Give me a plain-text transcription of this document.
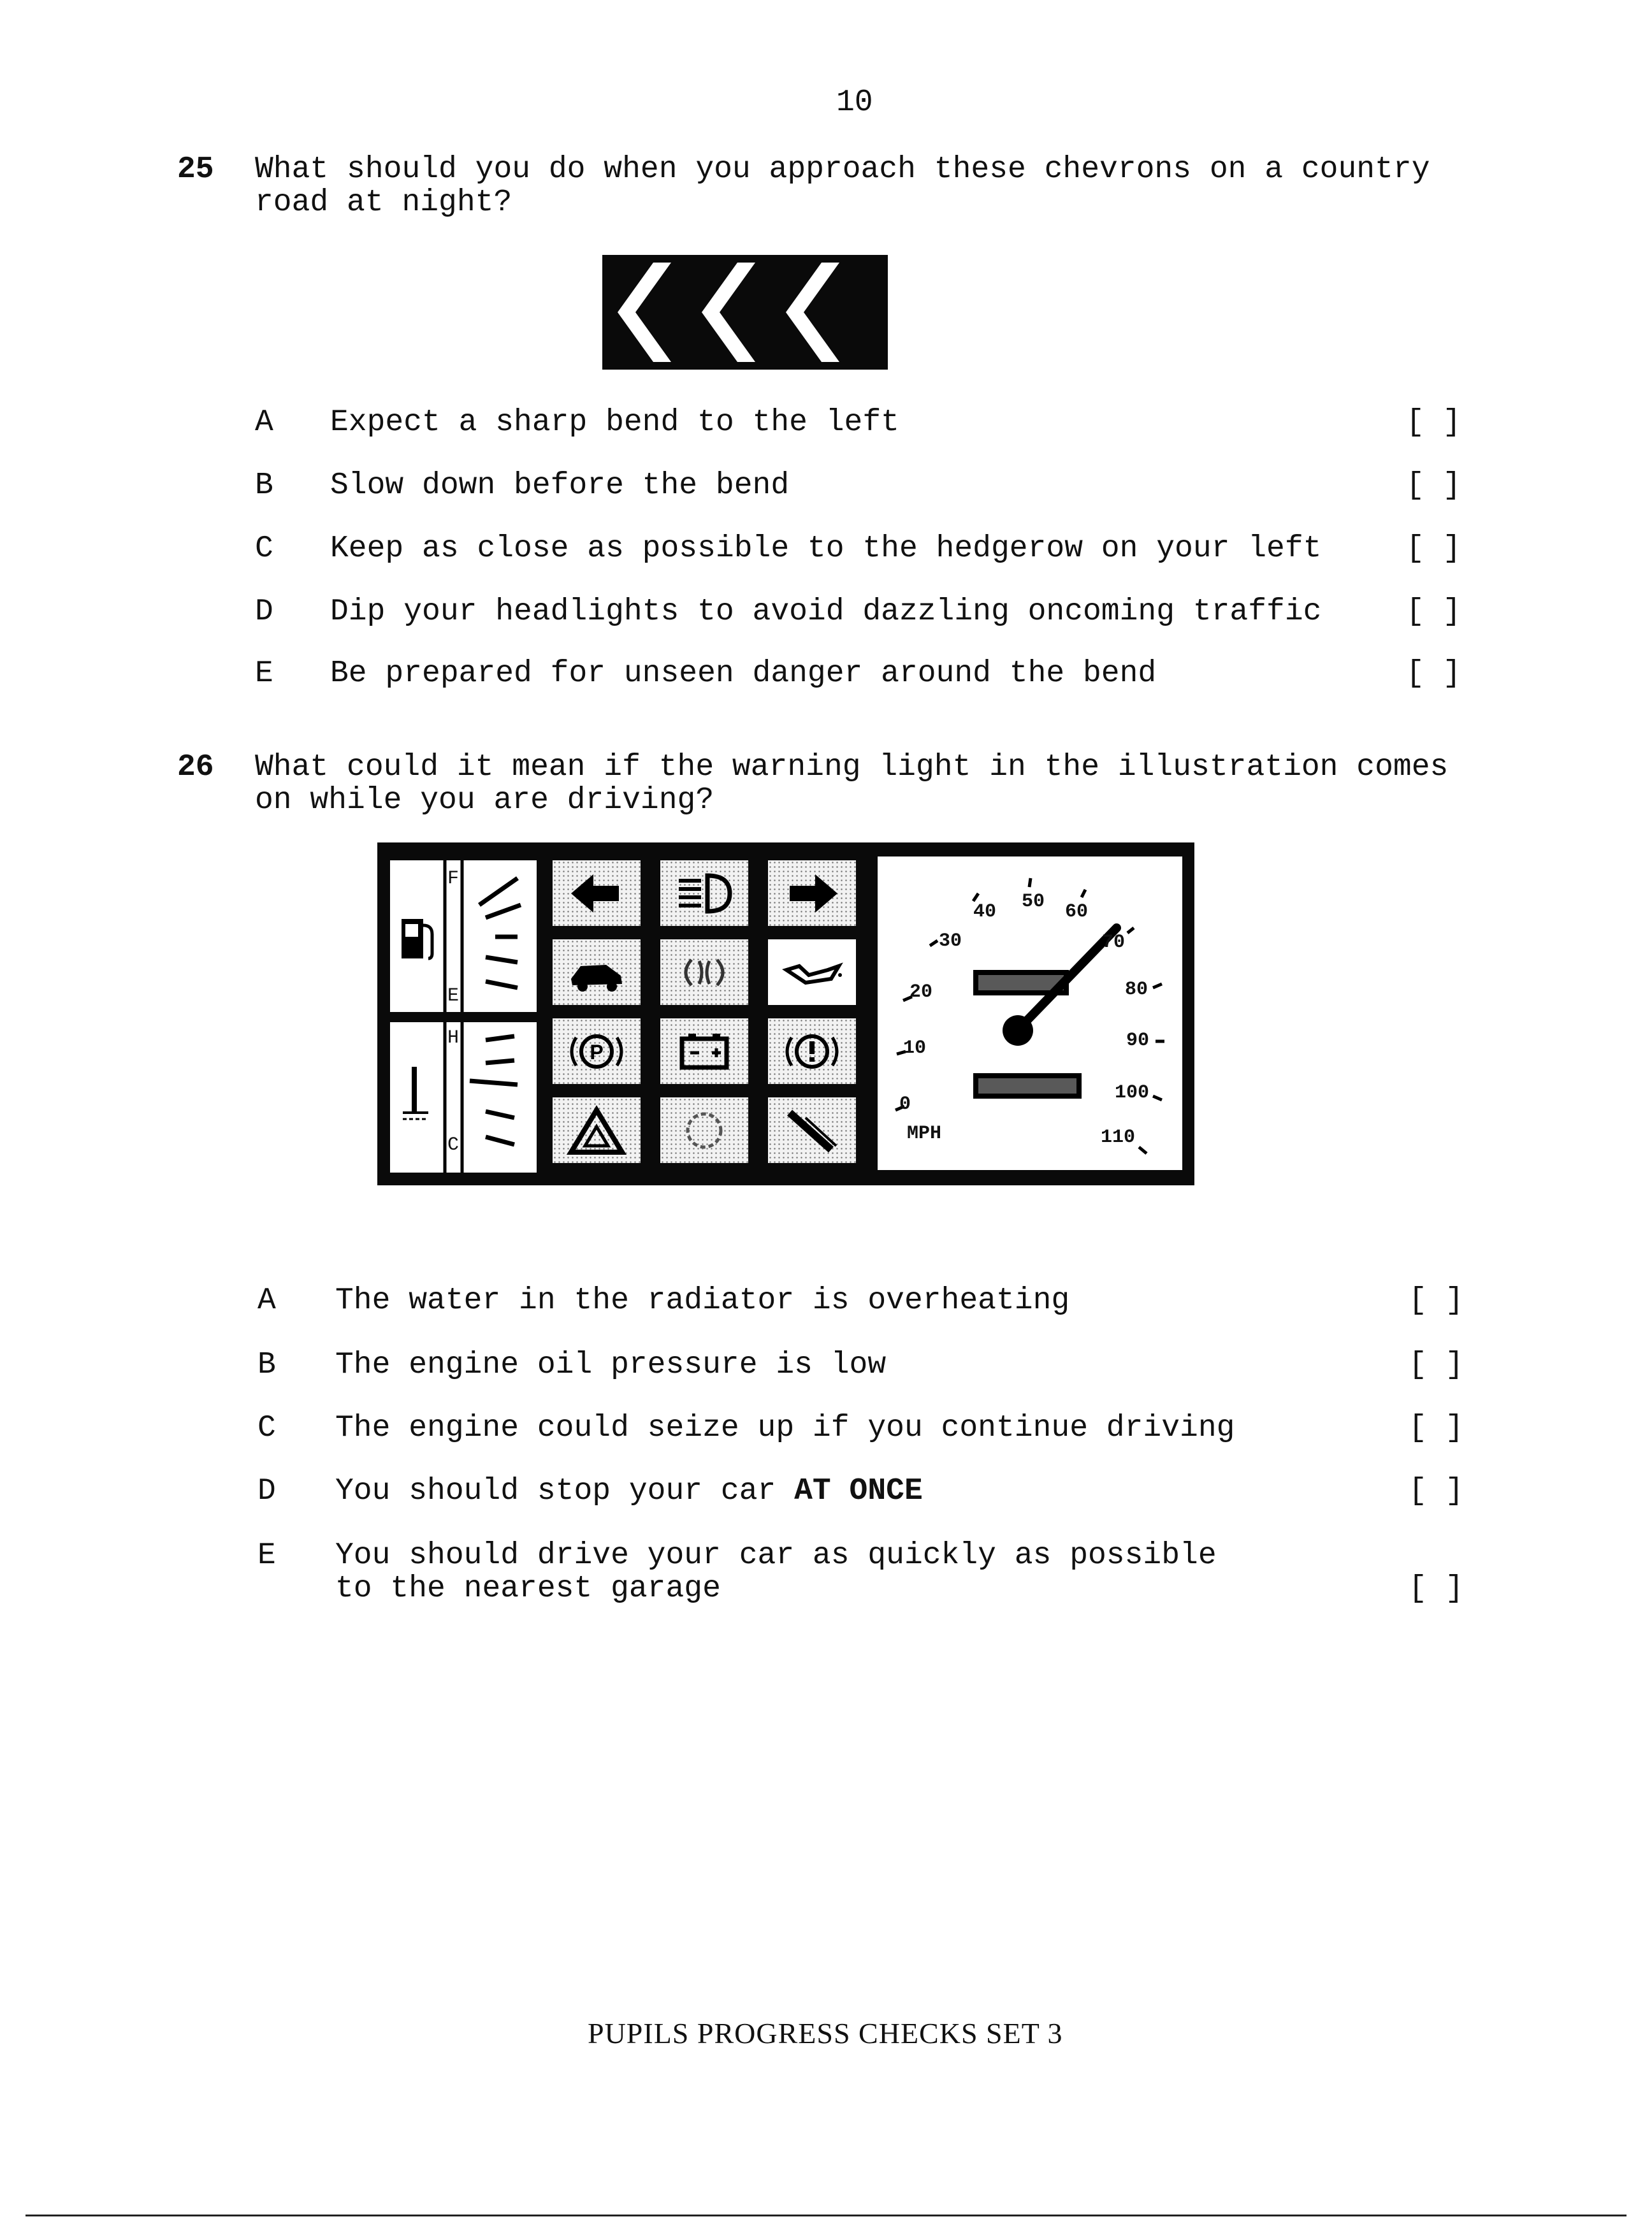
10
25 What should you do when you approach these chevrons on a country
road at night?
A Expect a sharp bend to the left	[ ]
B Slow down before the bend	[ ]
C Keep as close as possible to the hedgerow on your left	[ ]
D Dip your headlights to avoid dazzling oncoming traffic	[ ]
E Be prepared for unseen danger around the bend	[ ]
26 What could it mean if the warning light in the illustration comes
on while you are driving?
F
E
H
C
P
0
10
20
30
40 50 60
70
80
90
100
110
MPH
A The water in the radiator is overheating	[ ]
B The engine oil pressure is low	[ ]
C The engine could seize up if you continue driving	[ ]
D You should stop your car AT ONCE	[ ]
E You should drive your car as quickly as possible
to the nearest garage	[ ]
PUPILS PROGRESS CHECKS SET 3
